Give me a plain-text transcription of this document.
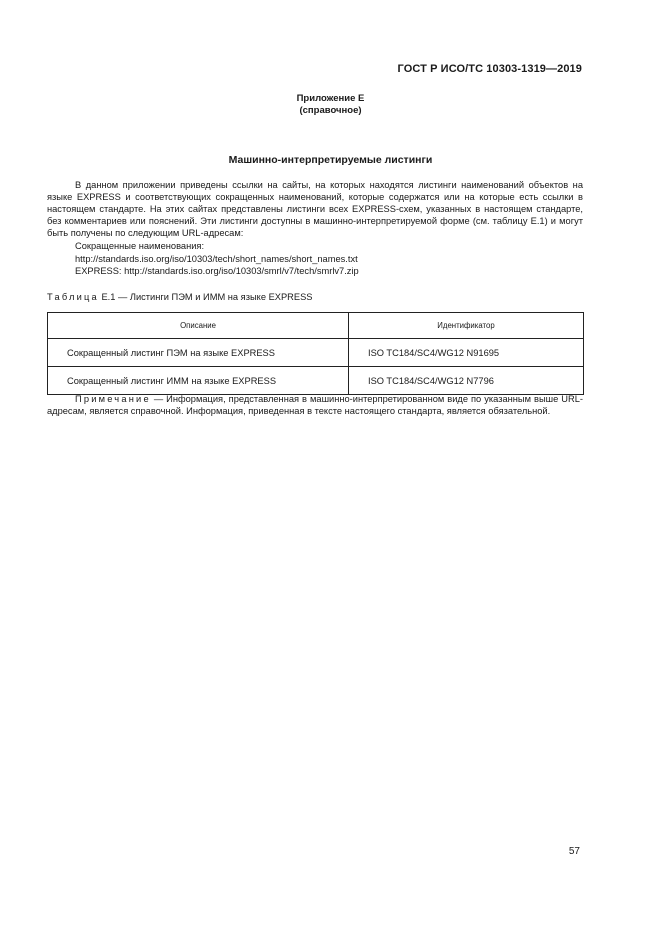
ГОСТ Р ИСО/ТС 10303-1319—2019
Приложение Е
(справочное)
Машинно-интерпретируемые листинги
В данном приложении приведены ссылки на сайты, на которых находятся листинги наименований объектов на языке EXPRESS и соответствующих сокращенных наименований, которые содержатся или на которые есть ссылки в настоящем стандарте. На этих сайтах представлены листинги всех EXPRESS-схем, указанных в настоящем стандарте, без комментариев или пояснений. Эти листинги доступны в машинно-интерпретируемой форме (см. таблицу Е.1) и могут быть получены по следующим URL-адресам:
Сокращенные наименования:
http://standards.iso.org/iso/10303/tech/short_names/short_names.txt
EXPRESS: http://standards.iso.org/iso/10303/smrl/v7/tech/smrlv7.zip
Таблица Е.1 — Листинги ПЭМ и ИММ на языке EXPRESS
Описание	Идентификатор
Сокращенный листинг ПЭМ на языке EXPRESS	ISO TC184/SC4/WG12 N91695
Сокращенный листинг ИММ на языке EXPRESS	ISO TC184/SC4/WG12 N7796
Примечание — Информация, представленная в машинно-интерпретированном виде по указанным выше URL-адресам, является справочной. Информация, приведенная в тексте настоящего стандарта, является обязательной.
57
